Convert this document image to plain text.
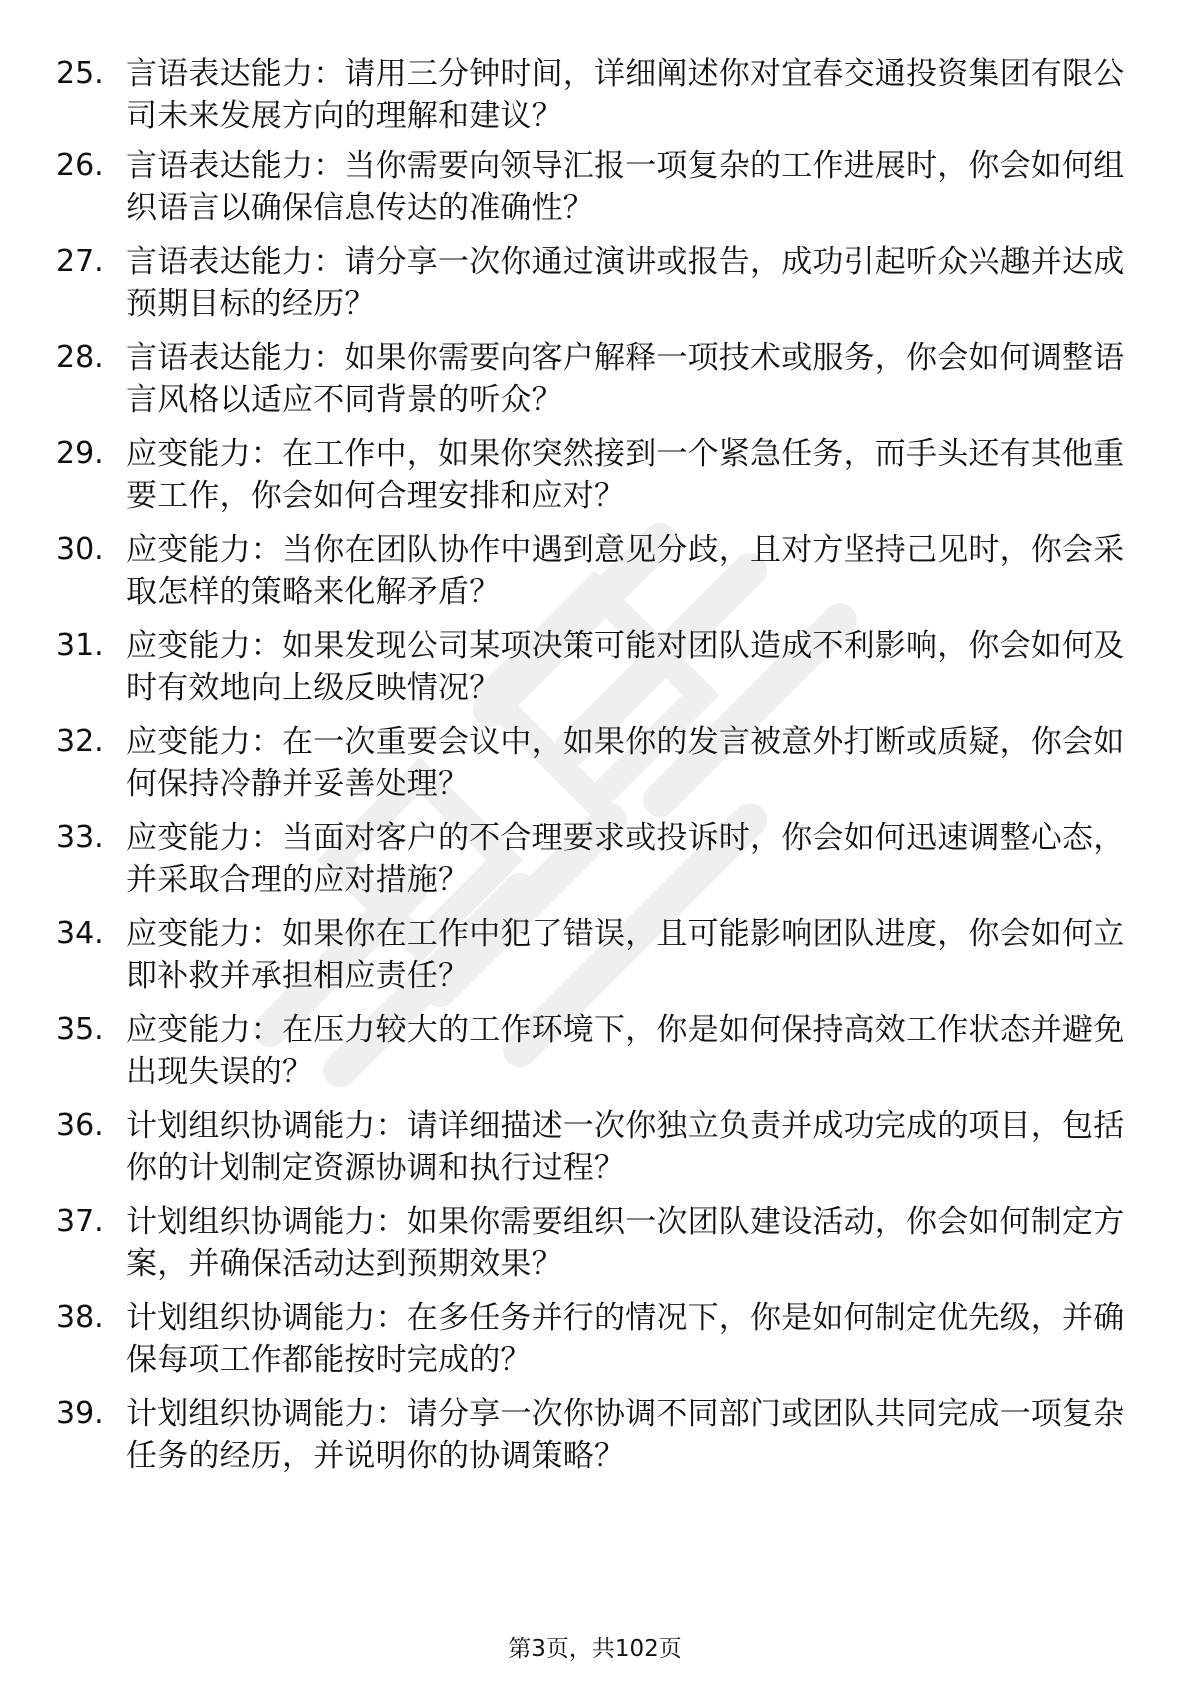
25. 言语表达能力：请用三分钟时间，详细阐述你对宜春交通投资集团有限公司未来发展方向的理解和建议？
26. 言语表达能力：当你需要向领导汇报一项复杂的工作进展时，你会如何组织语言以确保信息传达的准确性？
27. 言语表达能力：请分享一次你通过演讲或报告，成功引起听众兴趣并达成预期目标的经历？
28. 言语表达能力：如果你需要向客户解释一项技术或服务，你会如何调整语言风格以适应不同背景的听众？
29. 应变能力：在工作中，如果你突然接到一个紧急任务，而手头还有其他重要工作，你会如何合理安排和应对？
30. 应变能力：当你在团队协作中遇到意见分歧，且对方坚持己见时，你会采取怎样的策略来化解矛盾？
31. 应变能力：如果发现公司某项决策可能对团队造成不利影响，你会如何及时有效地向上级反映情况？
32. 应变能力：在一次重要会议中，如果你的发言被意外打断或质疑，你会如何保持冷静并妥善处理？
33. 应变能力：当面对客户的不合理要求或投诉时，你会如何迅速调整心态，并采取合理的应对措施？
34. 应变能力：如果你在工作中犯了错误，且可能影响团队进度，你会如何立即补救并承担相应责任？
35. 应变能力：在压力较大的工作环境下，你是如何保持高效工作状态并避免出现失误的？
36. 计划组织协调能力：请详细描述一次你独立负责并成功完成的项目，包括你的计划制定资源协调和执行过程？
37. 计划组织协调能力：如果你需要组织一次团队建设活动，你会如何制定方案，并确保活动达到预期效果？
38. 计划组织协调能力：在多任务并行的情况下，你是如何制定优先级，并确保每项工作都能按时完成的？
39. 计划组织协调能力：请分享一次你协调不同部门或团队共同完成一项复杂任务的经历，并说明你的协调策略？
第3页，共102页
